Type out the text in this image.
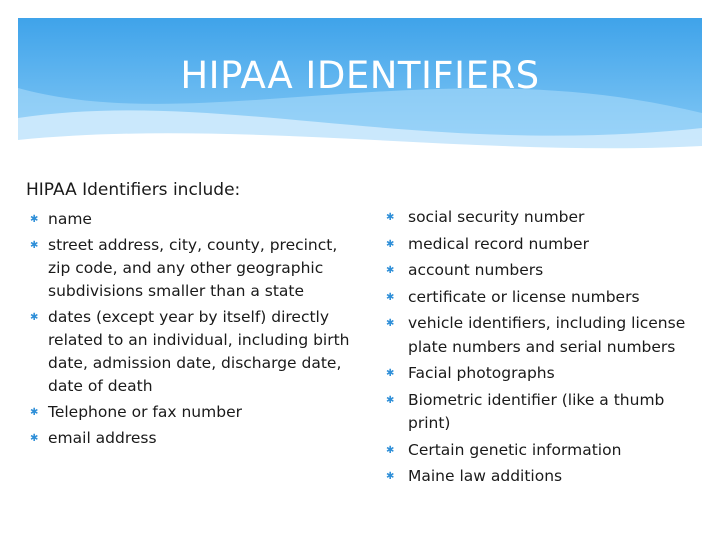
HIPAA IDENTIFIERS
HIPAA Identifiers include:
✱ name
✱ street address, city, county, precinct, zip code, and any other geographic subdivisions smaller than a state
✱ dates (except year by itself) directly related to an individual, including birth date, admission date, discharge date, date of death
✱ Telephone or fax number
✱ email address
✱ social security number
✱ medical record number
✱ account numbers
✱ certificate or license numbers
✱ vehicle identifiers, including license plate numbers and serial numbers
✱ Facial photographs
✱ Biometric identifier (like a thumb print)
✱ Certain genetic information
✱ Maine law additions
